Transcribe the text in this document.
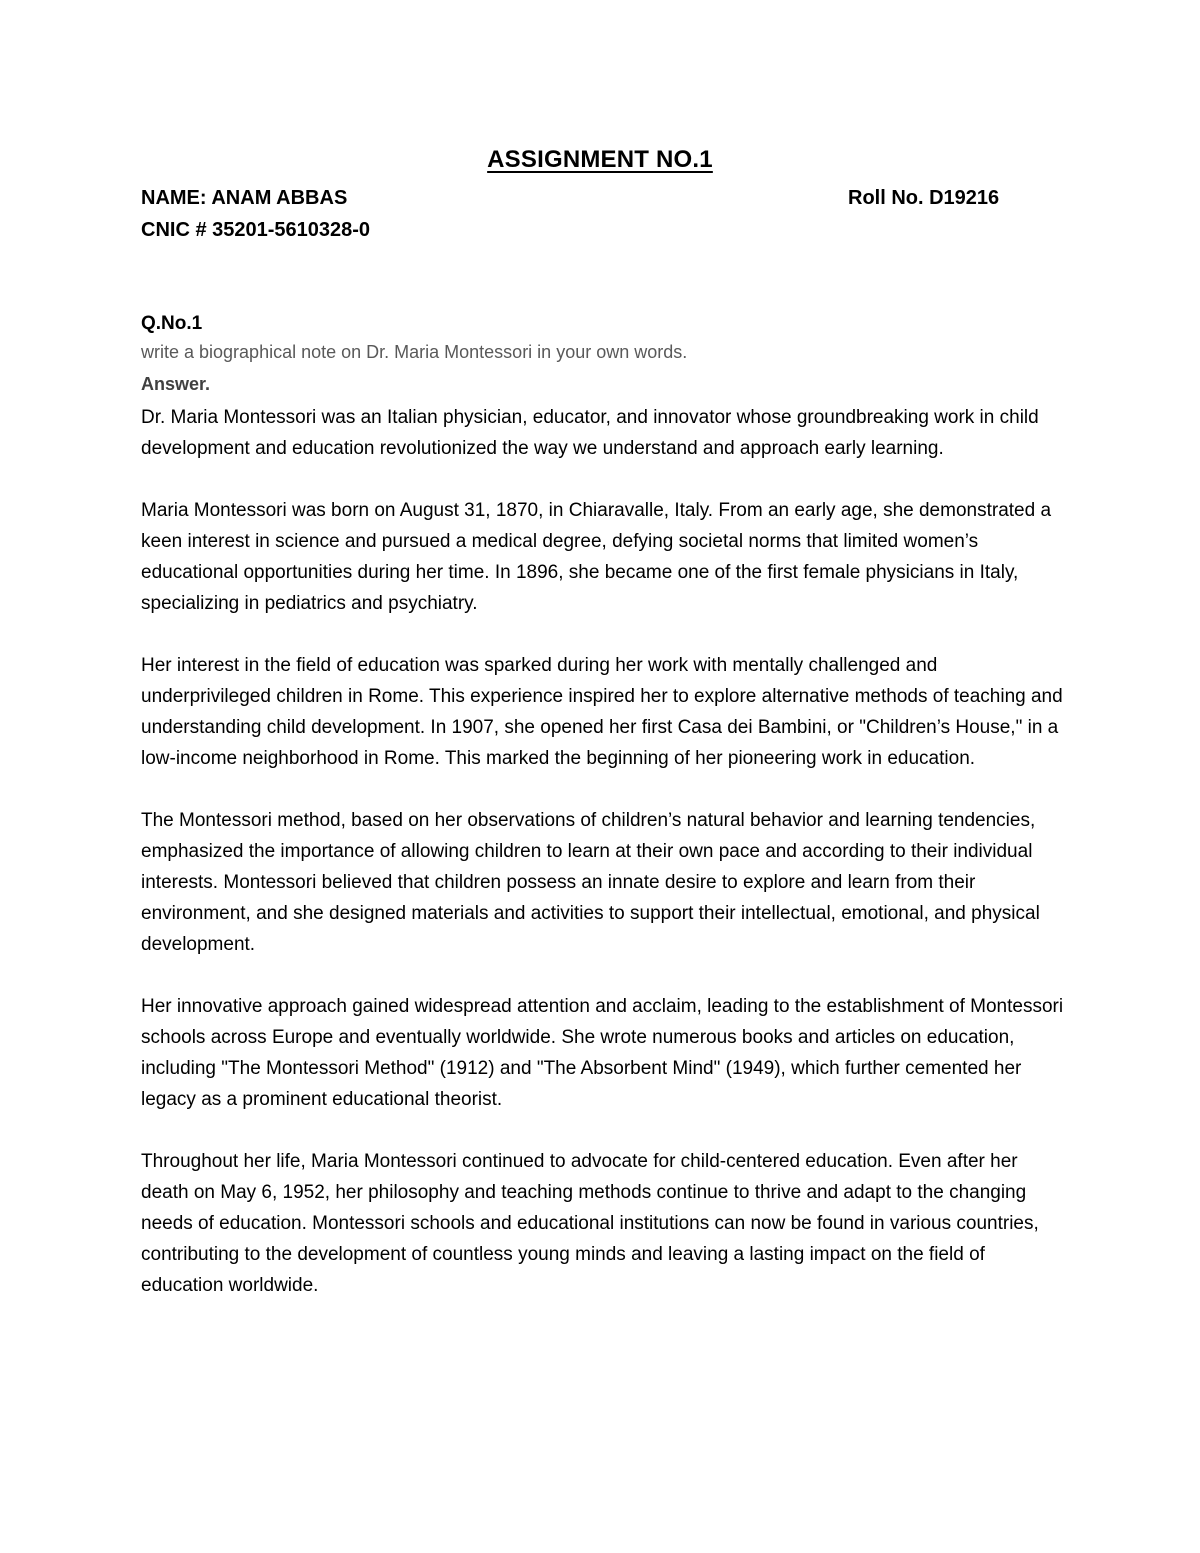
ASSIGNMENT NO.1
NAME: ANAM ABBAS	Roll No. D19216
CNIC # 35201-5610328-0
Q.No.1
write a biographical note on Dr. Maria Montessori in your own words.
Answer.

Dr. Maria Montessori was an Italian physician, educator, and innovator whose groundbreaking work in child development and education revolutionized the way we understand and approach early learning.

Maria Montessori was born on August 31, 1870, in Chiaravalle, Italy. From an early age, she demonstrated a keen interest in science and pursued a medical degree, defying societal norms that limited women’s educational opportunities during her time. In 1896, she became one of the first female physicians in Italy, specializing in pediatrics and psychiatry.

Her interest in the field of education was sparked during her work with mentally challenged and underprivileged children in Rome. This experience inspired her to explore alternative methods of teaching and understanding child development. In 1907, she opened her first Casa dei Bambini, or "Children’s House," in a low-income neighborhood in Rome. This marked the beginning of her pioneering work in education.

The Montessori method, based on her observations of children’s natural behavior and learning tendencies, emphasized the importance of allowing children to learn at their own pace and according to their individual interests. Montessori believed that children possess an innate desire to explore and learn from their environment, and she designed materials and activities to support their intellectual, emotional, and physical development.

Her innovative approach gained widespread attention and acclaim, leading to the establishment of Montessori schools across Europe and eventually worldwide. She wrote numerous books and articles on education, including "The Montessori Method" (1912) and "The Absorbent Mind" (1949), which further cemented her legacy as a prominent educational theorist.

Throughout her life, Maria Montessori continued to advocate for child-centered education. Even after her death on May 6, 1952, her philosophy and teaching methods continue to thrive and adapt to the changing needs of education. Montessori schools and educational institutions can now be found in various countries, contributing to the development of countless young minds and leaving a lasting impact on the field of education worldwide.
